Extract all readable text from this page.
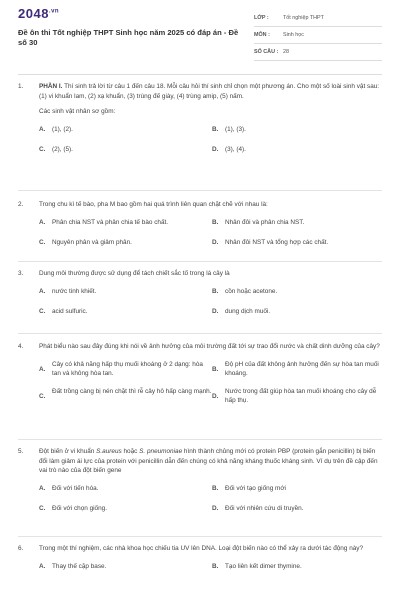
$2048^{.vn}$
Đề ôn thi Tốt nghiệp THPT Sinh học năm 2025 có đáp án - Đề số 30
LỚP :	Tốt nghiệp THPT
MÔN : Sinh học
SỐ CÂU : 28
1. PHẦN I. Thí sinh trả lời từ câu 1 đến câu 18. Mỗi câu hỏi thí sinh chỉ chọn một phương án. Cho một số loài sinh vật sau: (1) vi khuẩn lam, (2) xạ khuẩn, (3) trùng đế giày, (4) trùng amip, (5) nấm.
Các sinh vật nhân sơ gồm:
A. (1), (2).	B. (1), (3).
C. (2), (5).	D. (3), (4).
2. Trong chu kì tế bào, pha M bao gồm hai quá trình liên quan chặt chẽ với nhau là:
A. Phân chia NST và phân chia tế bào chất.	B. Nhân đôi và phân chia NST.
C. Nguyên phân và giảm phân.	D. Nhân đôi NST và tổng hợp các chất.
3. Dung môi thường được sử dụng để tách chiết sắc tố trong lá cây là
A. nước tinh khiết.	B. cồn hoặc acetone.
C. acid sulfuric.	D. dung dịch muối.
4. Phát biểu nào sau đây đúng khi nói về ảnh hưởng của môi trường đất tới sự trao đổi nước và chất dinh dưỡng của cây?
A.
Cây có khả năng hấp thụ muối khoáng ở 2 dạng: hòa tan và không hòa tan.
B.
Độ pH của đất không ảnh hưởng đến sự hòa tan muối khoáng.
C.
Đất trồng càng bị nén chặt thì rễ cây hô hấp càng mạnh.
D.
Nước trong đất giúp hòa tan muối khoáng cho cây dễ hấp thụ.
5. Đột biến ở vi khuẩn S.aureus hoặc S. pneumoniae hình thành chủng mới có protein PBP (protein gắn penicillin) bị biến đổi làm giảm ái lực của protein với penicillin dẫn đến chúng có khả năng kháng thuốc kháng sinh. Ví dụ trên đề cập đến vai trò nào của đột biến gene
A. Đối với tiến hóa.	B. Đối với tạo giống mới
C. Đối với chọn giống.	D. Đối với nhiên cứu di truyền.
6. Trong một thí nghiệm, các nhà khoa học chiếu tia UV lên DNA. Loại đột biến nào có thể xảy ra dưới tác động này?
A. Thay thế cặp base.	B. Tạo liên kết dimer thymine.
